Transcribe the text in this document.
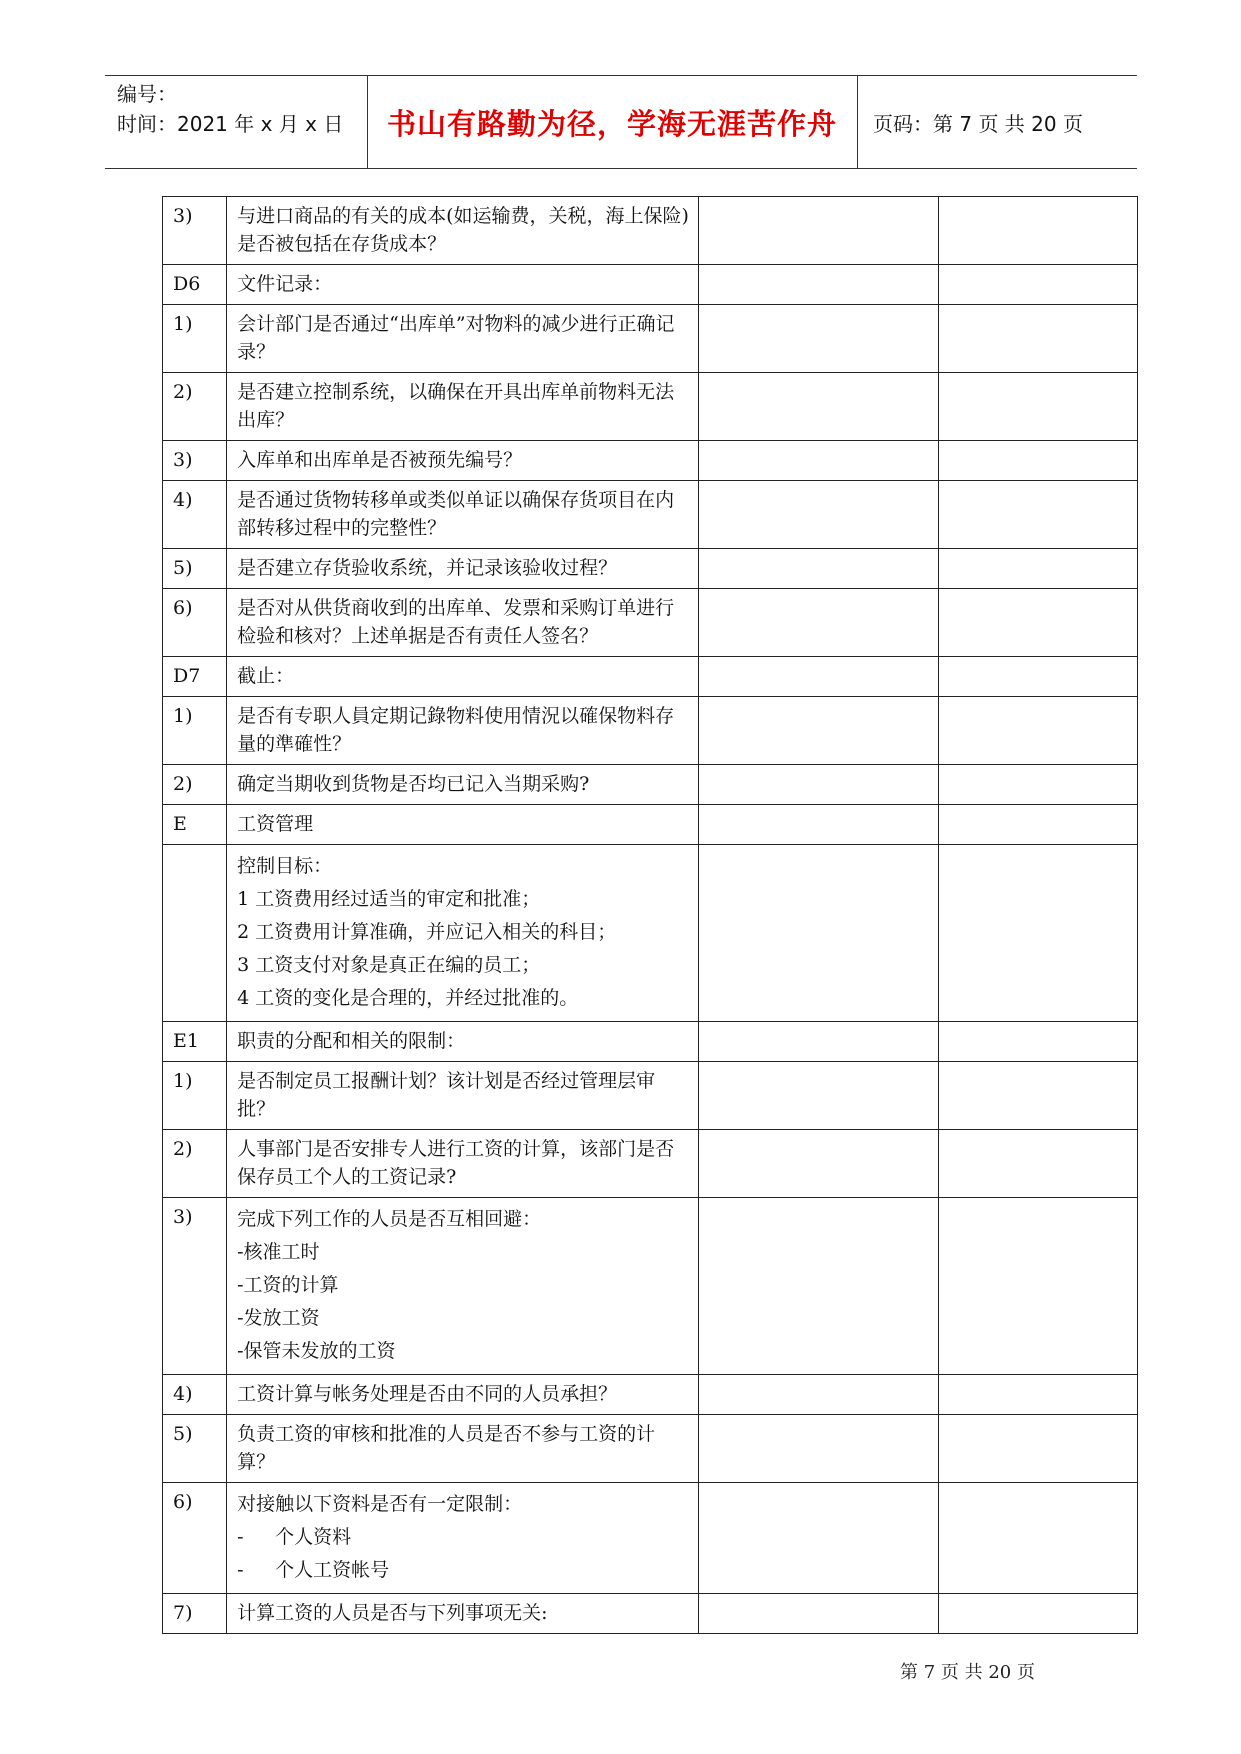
编号：
时间：2021 年 x 月 x 日	书山有路勤为径，学海无涯苦作舟	页码：第 7 页 共 20 页
3)	与进口商品的有关的成本(如运输费，关税，海上保险)是否被包括在存货成本？		
D6	文件记录：		
1)	会计部门是否通过“出库单”对物料的减少进行正确记录？		
2)	是否建立控制系统，以确保在开具出库单前物料无法出库？		
3)	入库单和出库单是否被预先编号？		
4)	是否通过货物转移单或类似单证以确保存货项目在内部转移过程中的完整性？		
5)	是否建立存货验收系统，并记录该验收过程？		
6)	是否对从供货商收到的出库单、发票和采购订单进行检验和核对？上述单据是否有责任人签名？		
D7	截止：		
1)	是否有专职人員定期记錄物料使用情況以確保物料存量的準確性？		
2)	确定当期收到货物是否均已记入当期采购?		
E	工资管理		

	控制目标：
1 工资费用经过适当的审定和批准；
2 工资费用计算准确，并应记入相关的科目；
3 工资支付对象是真正在编的员工；
4 工资的变化是合理的，并经过批准的。		

E1	职责的分配和相关的限制：		
1)	是否制定员工报酬计划？该计划是否经过管理层审批？		
2)	人事部门是否安排专人进行工资的计算，该部门是否保存员工个人的工资记录?		
3)	完成下列工作的人员是否互相回避：
-核准工时
-工资的计算
-发放工资
-保管未发放的工资		

4)	工资计算与帐务处理是否由不同的人员承担？		
5)	负责工资的审核和批准的人员是否不参与工资的计算？		
6)	对接触以下资料是否有一定限制：
- 个人资料
- 个人工资帐号		

7)	计算工资的人员是否与下列事项无关:		
第 7 页 共 20 页
